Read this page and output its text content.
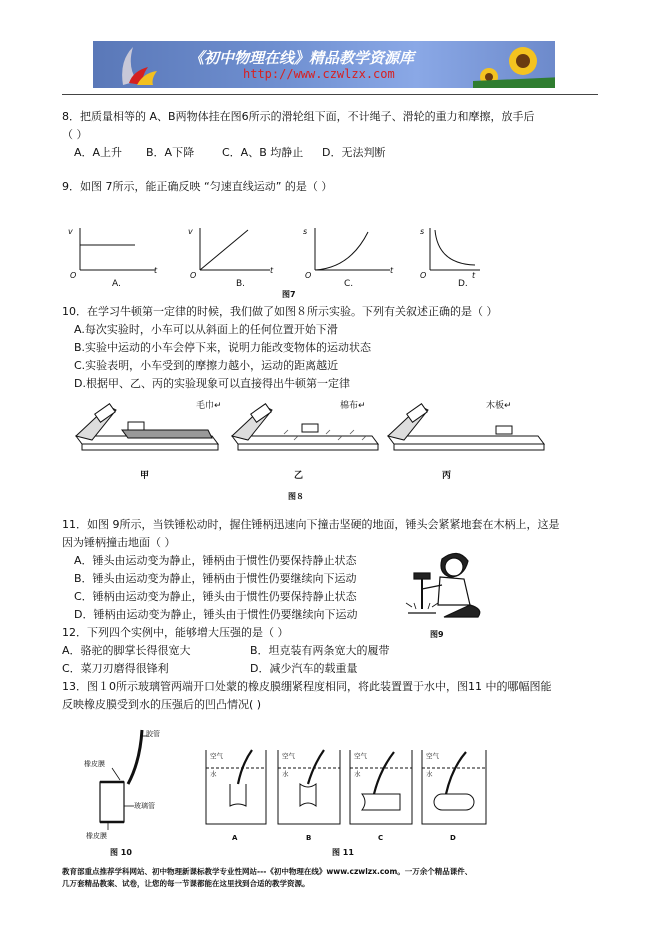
《初中物理在线》精品教学资源库
http://www.czwlzx.com
8．把质量相等的 A、B两物体挂在图6所示的滑轮组下面，不计绳子、滑轮的重力和摩擦，放手后
（ ）
A．A上升 B．A下降	C．A、B 均静止 D．无法判断
9．如图 7所示，能正确反映 “匀速直线运动” 的是（ ）
v
t
O
v
t
O
s
t
O
s
t
O
A.	B.	C.	D.
图7
10．在学习牛顿第一定律的时候，我们做了如图８所示实验。下列有关叙述正确的是（ ）
A.每次实验时，小车可以从斜面上的任何位置开始下滑
B.实验中运动的小车会停下来，说明力能改变物体的运动状态
C.实验表明，小车受到的摩擦力越小，运动的距离越近
D.根据甲、乙、丙的实验现象可以直接得出牛顿第一定律
毛巾↵	棉布↵	木板↵
甲	乙	丙
图８
11．如图 9所示，当铁锤松动时，握住锤柄迅速向下撞击坚硬的地面，锤头会紧紧地套在木柄上，这是
因为锤柄撞击地面（ ）
A．锤头由运动变为静止，锤柄由于惯性仍要保持静止状态
B．锤头由运动变为静止，锤柄由于惯性仍要继续向下运动
C．锤柄由运动变为静止，锤头由于惯性仍要保持静止状态
D．锤柄由运动变为静止，锤头由于惯性仍要继续向下运动
图9
12．下列四个实例中，能够增大压强的是（ ）
A．骆驼的脚掌长得很宽大	B．坦克装有两条宽大的履带
C．菜刀刃磨得很锋利	D．减少汽车的载重量
13．图１0所示玻璃管两端开口处蒙的橡皮膜绷紧程度相同，将此装置置于水中，图11 中的哪幅图能
反映橡皮膜受到水的压强后的凹凸情况( )
胶管
橡皮膜
玻璃管
橡皮膜
图 10
空气
水
空气
水
空气
水
空气
水
A	B	C	D
图 11
教育部重点推荐学科网站、初中物理新课标教学专业性网站---《初中物理在线》www.czwlzx.com。一万余个精品课件、
几万套精品教案、试卷，让您的每一节课都能在这里找到合适的教学资源。
